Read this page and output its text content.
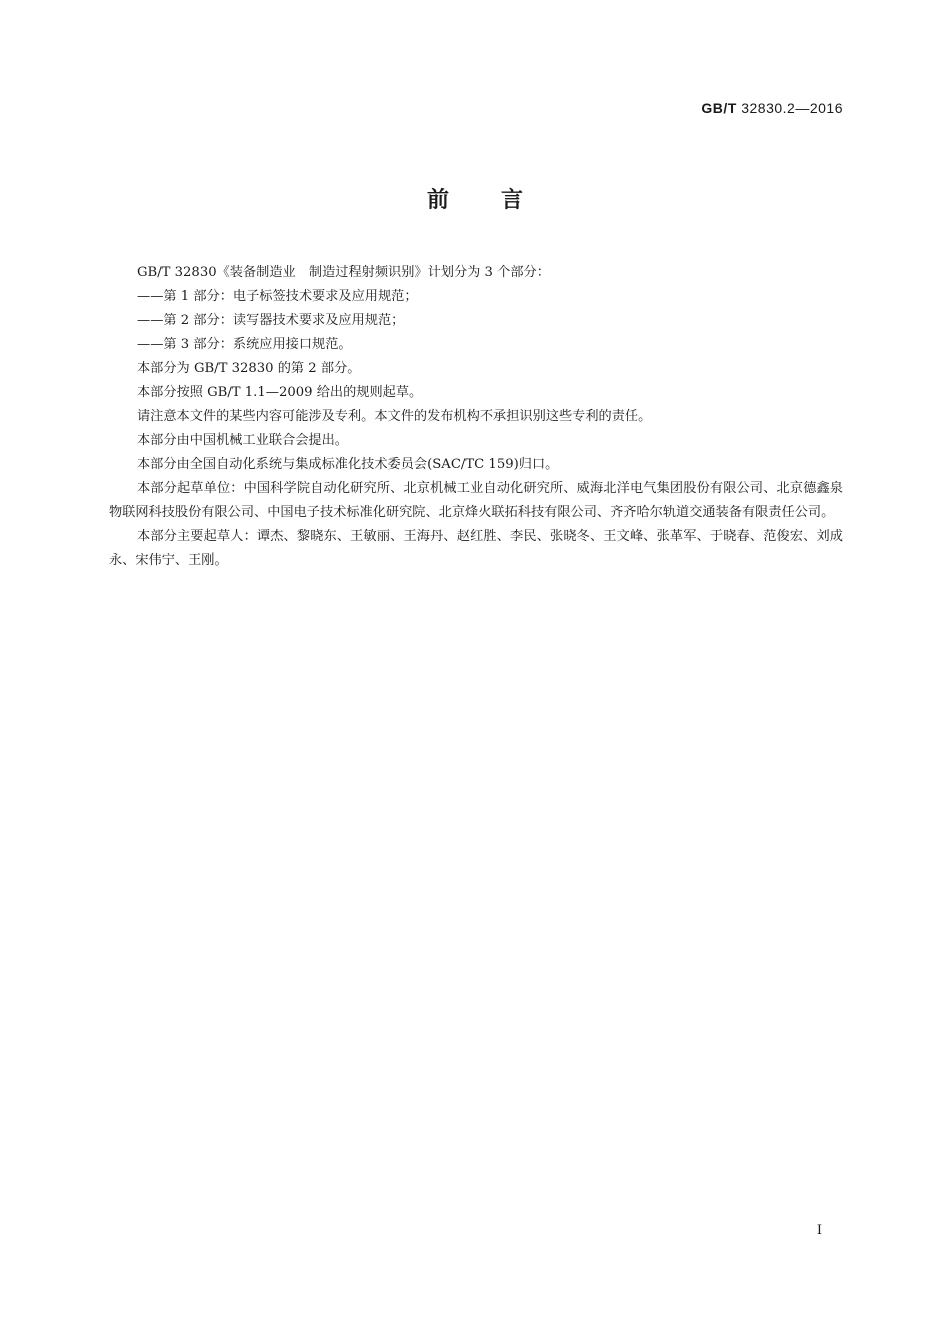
GB/T 32830.2—2016
前言

GB/T 32830《装备制造业　制造过程射频识别》计划分为 3 个部分：

——第 1 部分：电子标签技术要求及应用规范；

——第 2 部分：读写器技术要求及应用规范；

——第 3 部分：系统应用接口规范。

本部分为 GB/T 32830 的第 2 部分。

本部分按照 GB/T 1.1—2009 给出的规则起草。

请注意本文件的某些内容可能涉及专利。本文件的发布机构不承担识别这些专利的责任。

本部分由中国机械工业联合会提出。

本部分由全国自动化系统与集成标准化技术委员会(SAC/TC 159)归口。

本部分起草单位：中国科学院自动化研究所、北京机械工业自动化研究所、威海北洋电气集团股份有限公司、北京德鑫泉物联网科技股份有限公司、中国电子技术标准化研究院、北京烽火联拓科技有限公司、齐齐哈尔轨道交通装备有限责任公司。

本部分主要起草人：谭杰、黎晓东、王敏丽、王海丹、赵红胜、李民、张晓冬、王文峰、张革军、于晓春、范俊宏、刘成永、宋伟宁、王刚。

I
